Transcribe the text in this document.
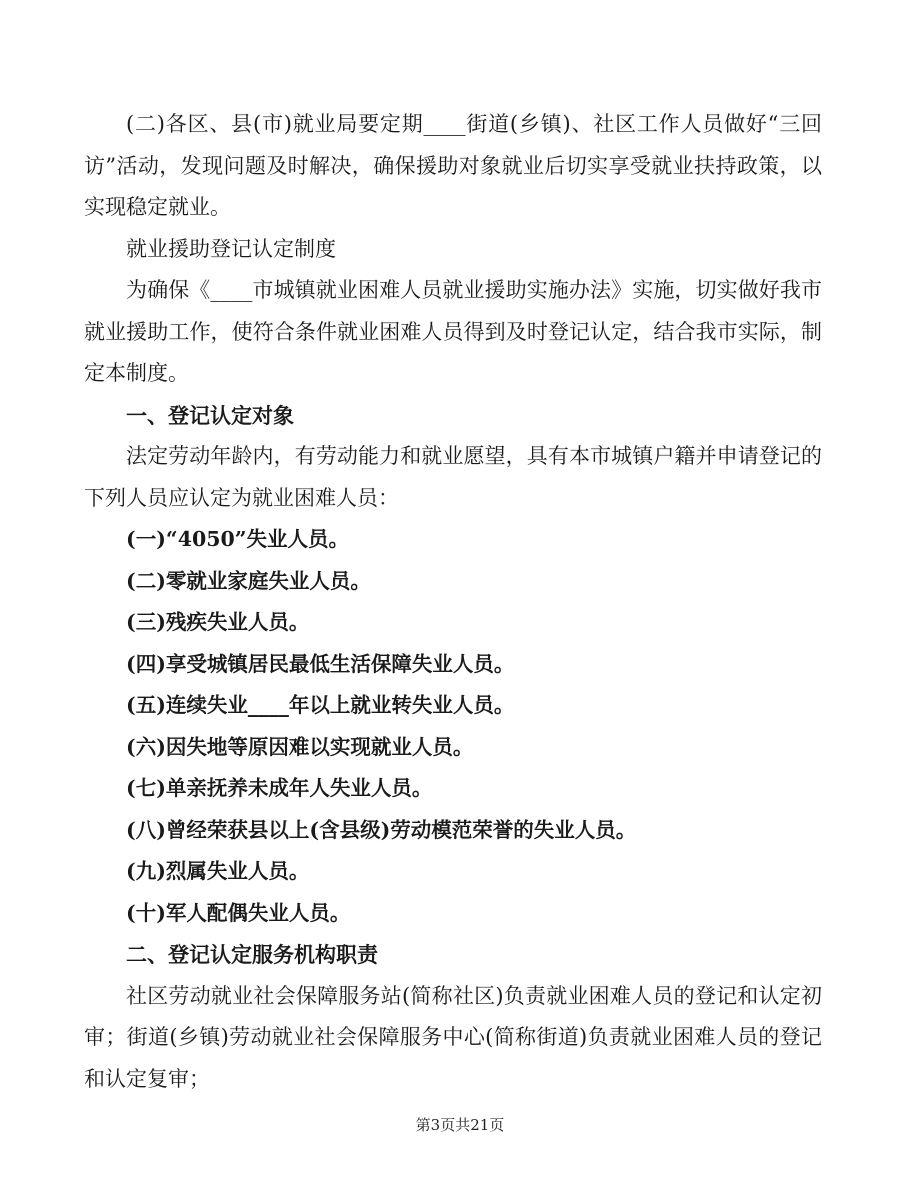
(二)各区、县(市)就业局要定期____街道(乡镇)、社区工作人员做好“三回访”活动，发现问题及时解决，确保援助对象就业后切实享受就业扶持政策，以实现稳定就业。

就业援助登记认定制度

为确保《____市城镇就业困难人员就业援助实施办法》实施，切实做好我市就业援助工作，使符合条件就业困难人员得到及时登记认定，结合我市实际，制定本制度。

一、登记认定对象

法定劳动年龄内，有劳动能力和就业愿望，具有本市城镇户籍并申请登记的下列人员应认定为就业困难人员：

(一)“4050”失业人员。

(二)零就业家庭失业人员。

(三)残疾失业人员。

(四)享受城镇居民最低生活保障失业人员。

(五)连续失业____年以上就业转失业人员。

(六)因失地等原因难以实现就业人员。

(七)单亲抚养未成年人失业人员。

(八)曾经荣获县以上(含县级)劳动模范荣誉的失业人员。

(九)烈属失业人员。

(十)军人配偶失业人员。

二、登记认定服务机构职责

社区劳动就业社会保障服务站(简称社区)负责就业困难人员的登记和认定初审；街道(乡镇)劳动就业社会保障服务中心(简称街道)负责就业困难人员的登记和认定复审；

第3页共21页
